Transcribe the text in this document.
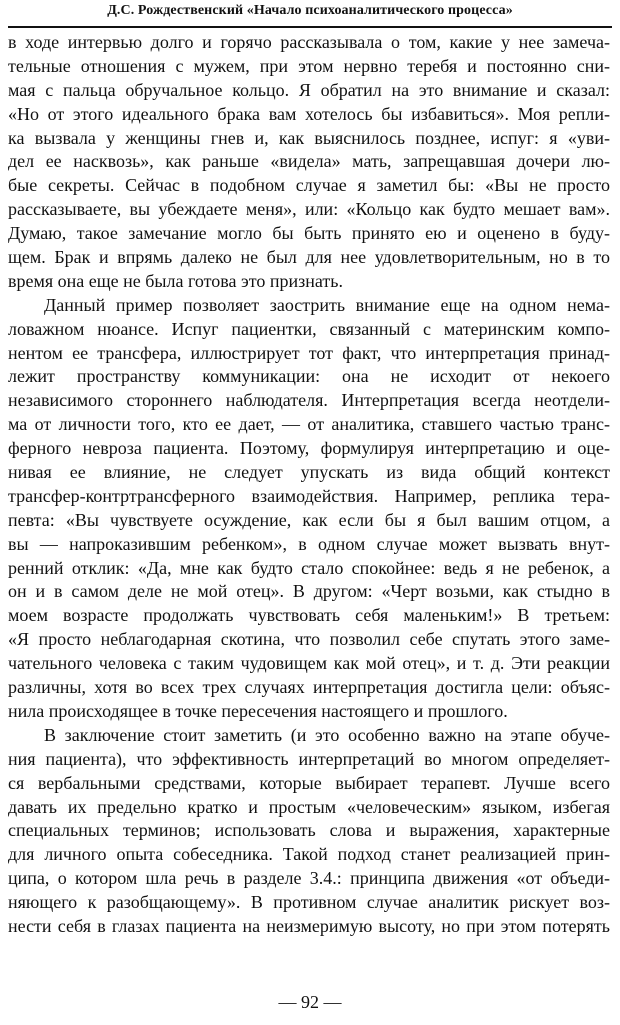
Д.С. Рождественский «Начало психоаналитического процесса»
в ходе интервью долго и горячо рассказывала о том, какие у нее замеча-
тельные отношения с мужем, при этом нервно теребя и постоянно сни-
мая с пальца обручальное кольцо. Я обратил на это внимание и сказал:
«Но от этого идеального брака вам хотелось бы избавиться». Моя репли-
ка вызвала у женщины гнев и, как выяснилось позднее, испуг: я «уви-
дел ее насквозь», как раньше «видела» мать, запрещавшая дочери лю-
бые секреты. Сейчас в подобном случае я заметил бы: «Вы не просто
рассказываете, вы убеждаете меня», или: «Кольцо как будто мешает вам».
Думаю, такое замечание могло бы быть принято ею и оценено в буду-
щем. Брак и впрямь далеко не был для нее удовлетворительным, но в то
время она еще не была готова это признать.
Данный пример позволяет заострить внимание еще на одном нема-
ловажном нюансе. Испуг пациентки, связанный с материнским компо-
нентом ее трансфера, иллюстрирует тот факт, что интерпретация принад-
лежит пространству коммуникации: она не исходит от некоего
независимого стороннего наблюдателя. Интерпретация всегда неотдели-
ма от личности того, кто ее дает, — от аналитика, ставшего частью транс-
ферного невроза пациента. Поэтому, формулируя интерпретацию и оце-
нивая ее влияние, не следует упускать из вида общий контекст
трансфер-контртрансферного взаимодействия. Например, реплика тера-
певта: «Вы чувствуете осуждение, как если бы я был вашим отцом, а
вы — напроказившим ребенком», в одном случае может вызвать внут-
ренний отклик: «Да, мне как будто стало спокойнее: ведь я не ребенок, а
он и в самом деле не мой отец». В другом: «Черт возьми, как стыдно в
моем возрасте продолжать чувствовать себя маленьким!» В третьем:
«Я просто неблагодарная скотина, что позволил себе спутать этого заме-
чательного человека с таким чудовищем как мой отец», и т. д. Эти реакции
различны, хотя во всех трех случаях интерпретация достигла цели: объяс-
нила происходящее в точке пересечения настоящего и прошлого.
В заключение стоит заметить (и это особенно важно на этапе обуче-
ния пациента), что эффективность интерпретаций во многом определяет-
ся вербальными средствами, которые выбирает терапевт. Лучше всего
давать их предельно кратко и простым «человеческим» языком, избегая
специальных терминов; использовать слова и выражения, характерные
для личного опыта собеседника. Такой подход станет реализацией прин-
ципа, о котором шла речь в разделе 3.4.: принципа движения «от объеди-
няющего к разобщающему». В противном случае аналитик рискует воз-
нести себя в глазах пациента на неизмеримую высоту, но при этом потерять
— 92 —
